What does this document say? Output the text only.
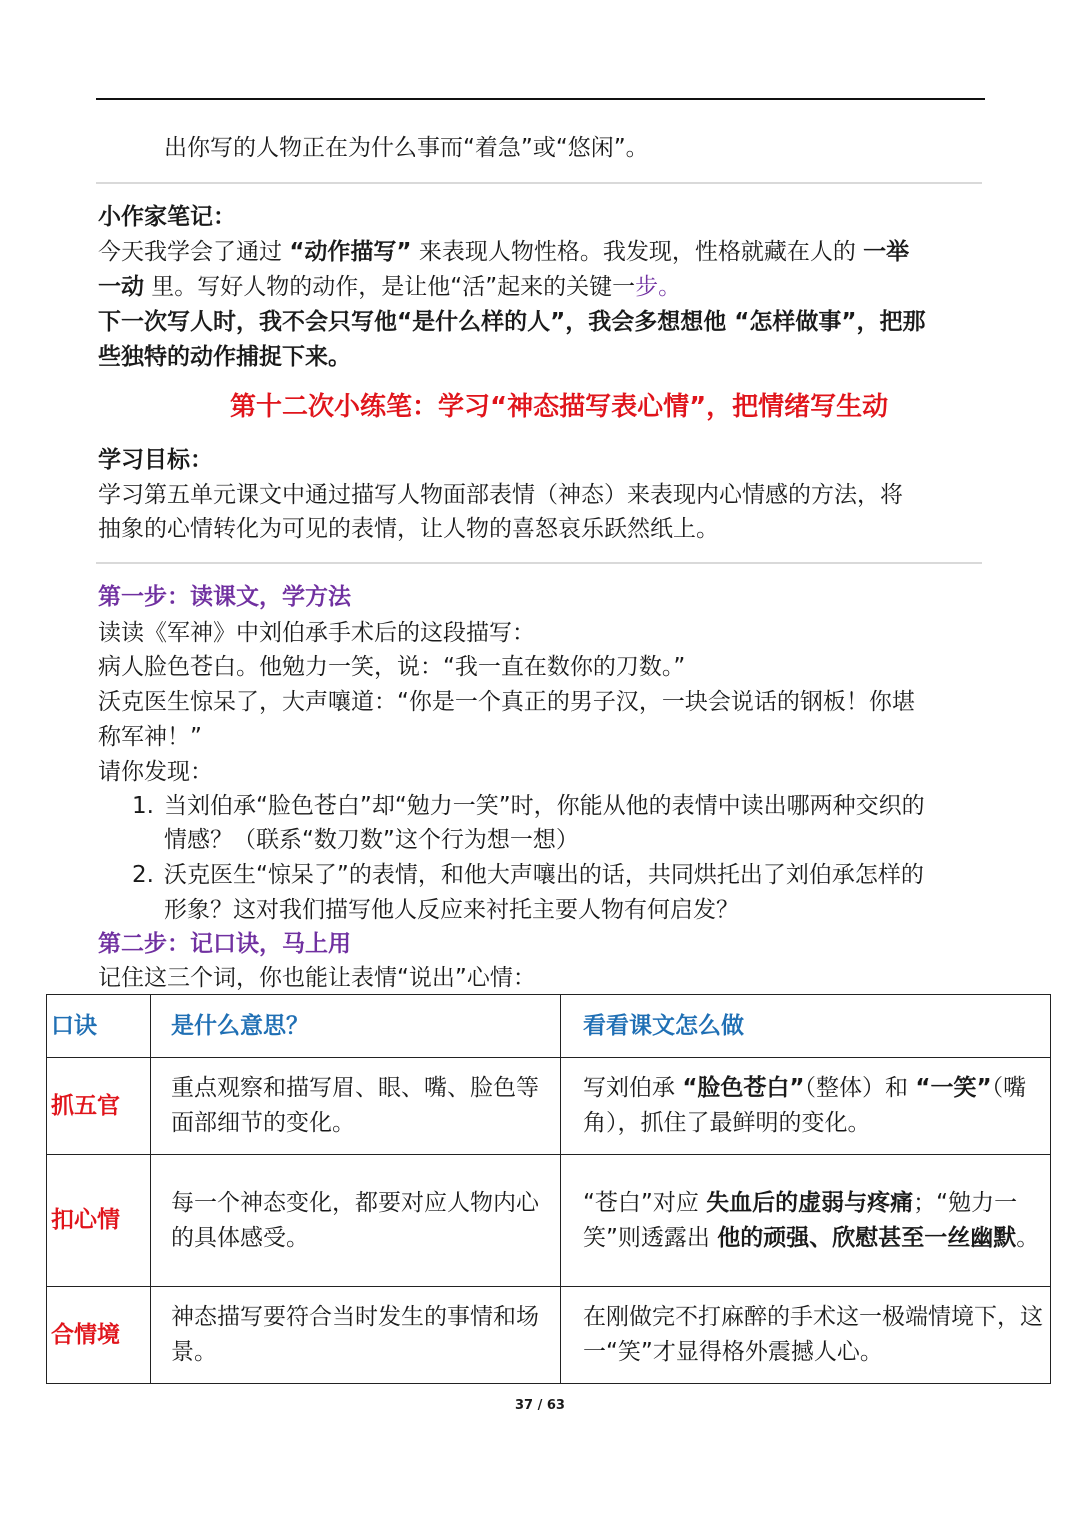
出你写的人物正在为什么事而“着急”或“悠闲”。
小作家笔记：
今天我学会了通过 “动作描写” 来表现人物性格。我发现，性格就藏在人的 一举
一动 里。写好人物的动作，是让他“活”起来的关键一步。
下一次写人时，我不会只写他“是什么样的人”，我会多想想他 “怎样做事”，把那
些独特的动作捕捉下来。
第十二次小练笔：学习“神态描写表心情”，把情绪写生动
学习目标：
学习第五单元课文中通过描写人物面部表情（神态）来表现内心情感的方法，将
抽象的心情转化为可见的表情，让人物的喜怒哀乐跃然纸上。
第一步：读课文，学方法
读读《军神》中刘伯承手术后的这段描写：
病人脸色苍白。他勉力一笑，说：“我一直在数你的刀数。”
沃克医生惊呆了，大声嚷道：“你是一个真正的男子汉，一块会说话的钢板！你堪
称军神！”
请你发现：
1. 当刘伯承“脸色苍白”却“勉力一笑”时，你能从他的表情中读出哪两种交织的
情感？（联系“数刀数”这个行为想一想）
2. 沃克医生“惊呆了”的表情，和他大声嚷出的话，共同烘托出了刘伯承怎样的
形象？这对我们描写他人反应来衬托主要人物有何启发？
第二步：记口诀，马上用
记住这三个词，你也能让表情“说出”心情：
口诀	是什么意思？	看看课文怎么做
抓五官	重点观察和描写眉、眼、嘴、脸色等面部细节的变化。	写刘伯承 “脸色苍白”（整体）和 “一笑”（嘴角），抓住了最鲜明的变化。
扣心情	每一个神态变化，都要对应人物内心的具体感受。	“苍白”对应 失血后的虚弱与疼痛；“勉力一笑”则透露出 他的顽强、欣慰甚至一丝幽默。
合情境	神态描写要符合当时发生的事情和场景。	在刚做完不打麻醉的手术这一极端情境下，这一“笑”才显得格外震撼人心。
37 / 63
